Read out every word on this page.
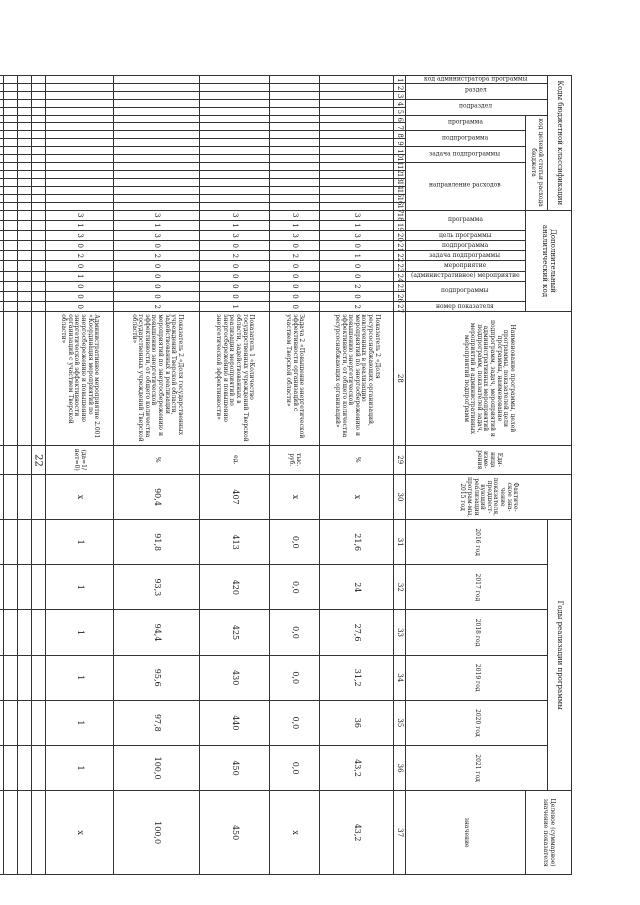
22
Коды бюджетной классификации																	Дополнительный аналитический код										Наименование программы, целей программы, показателей цели программы, наименование подпрограмм, задач, мероприятий и административных мероприятий подпрограмм, показателей задач, мероприятий и административных мероприятий подпрограмм	Еди-ница изме-рения	Фактиче-ское зна-чение показателя, предшест-вующий реализации програм-мы, 2015 год	Годы реализации программы						Целевое (суммарное) значение показателя
код администратора программы	раздел		подраздел		код целевой статьи расхода бюджета																									2016 год	2017 год	2018 год	2019 год	2020 год	2021 год	
					программа		подпрограмма		задача подпрограммы		направление расходов						программа		цель программы	подпрограмма	задача подпрограммы	мероприятие	(административное) мероприятие	подпрограммы		номер показателя										значение
1	2	3	4	5	6	7	8	9	10	11	12	13	14	15	16	17	18	19	20	21	22	23	24	25	26	27	28	29	30	31	32	33	34	35	36	37
																	3	1	3	0	1	0	0	2	0	2	Показатель 2 «Доля ресурсоснабжающих организаций, вовлеченных в реализацию мероприятий по энергосбережению и повышению энергетической эффективности, от общего количества ресурсоснабжающих организаций»	%	x	21,6	24	27,6	31,2	36	43,2	43,2
																	3	1	3	0	2	0	0	0	0	0	Задача 2 «Повышение энергетической эффективности организаций с участием Тверской области»	тыс. руб.	x	0,0	0,0	0,0	0,0	0,0	0,0	x
																	3	1	3	0	2	0	0	0	0	1	Показатель 1 «Количество государственных учреждений Тверской области, задействованных в реализации мероприятий по энергосбережению и повышению энергетической эффективности»	ед.	407	413	420	425	430	440	450	450
																	3	1	3	0	2	0	0	0	0	2	Показатель 2 «Доля государственных учреждений Тверской области, задействованных в реализации мероприятий по энергосбережению и повышению энергетической эффективности, от общего количества государственных учреждений Тверской области»	%	90,4	91,8	93,3	94,4	95,6	97,8	100,0	100,0
																	3	1	3	0	2	0	1	0	0	0	Административное мероприятие 2.001 «Координация мероприятий по энергосбережению и повышению энергетической эффективности организаций с участием Тверской области»	(да=1/ нет=0)	x	1	1	1	1	1	1	x
